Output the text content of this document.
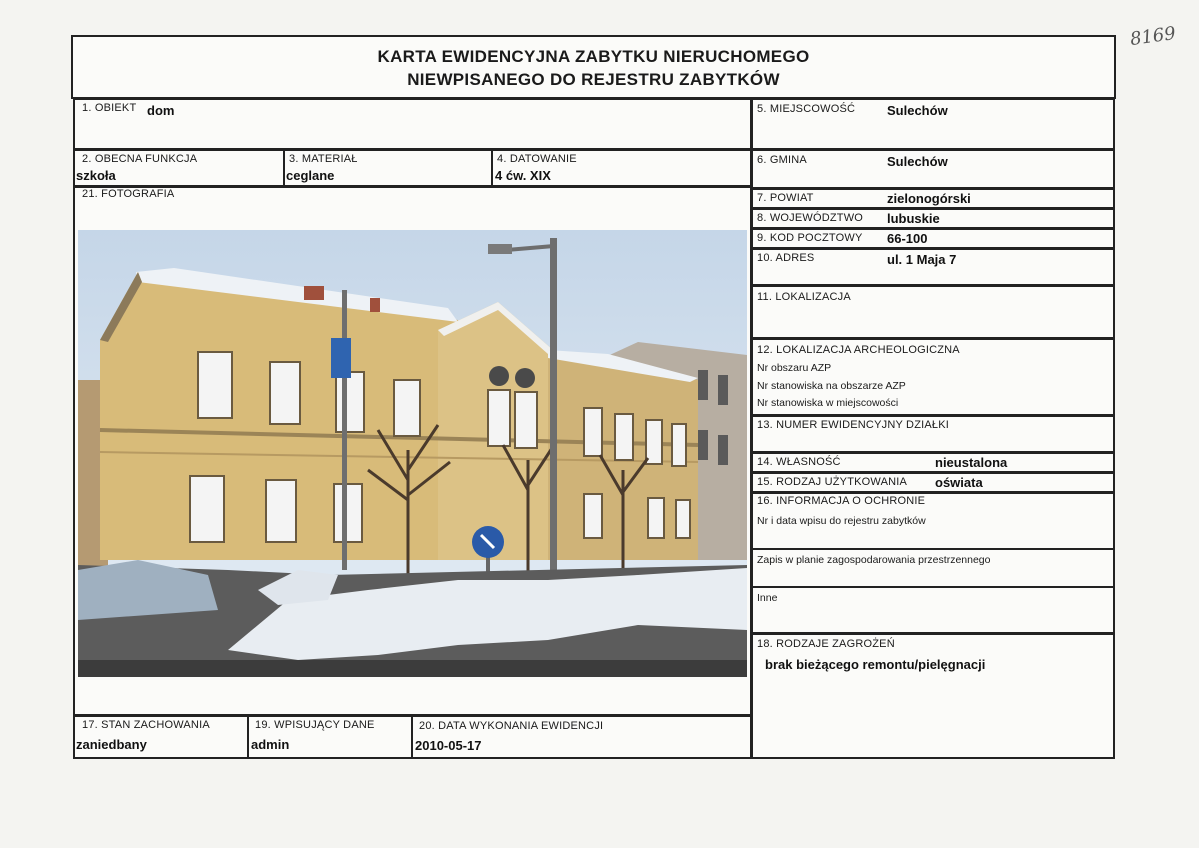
8169
KARTA EWIDENCYJNA ZABYTKU NIERUCHOMEGO
NIEWPISANEGO DO REJESTRU ZABYTKÓW
1. OBIEKT dom
2. OBECNA FUNKCJA
szkoła
3. MATERIAŁ
ceglane
4. DATOWANIE
4 ćw. XIX
21. FOTOGRAFIA
17. STAN ZACHOWANIA
zaniedbany
19. WPISUJĄCY DANE
admin
20. DATA WYKONANIA EWIDENCJI
2010-05-17
5. MIEJSCOWOŚĆ Sulechów
6. GMINA	Sulechów
7. POWIAT	zielonogórski
8. WOJEWÓDZTWO lubuskie
9. KOD POCZTOWY 66-100
10. ADRES	ul. 1 Maja 7
11. LOKALIZACJA
12. LOKALIZACJA ARCHEOLOGICZNA
Nr obszaru AZP
Nr stanowiska na obszarze AZP
Nr stanowiska w miejscowości
13. NUMER EWIDENCYJNY DZIAŁKI
14. WŁASNOŚĆ	nieustalona
15. RODZAJ UŻYTKOWANIA oświata
16. INFORMACJA O OCHRONIE
Nr i data wpisu do rejestru zabytków
Zapis w planie zagospodarowania przestrzennego
Inne
18. RODZAJE ZAGROŻEŃ
brak bieżącego remontu/pielęgnacji
